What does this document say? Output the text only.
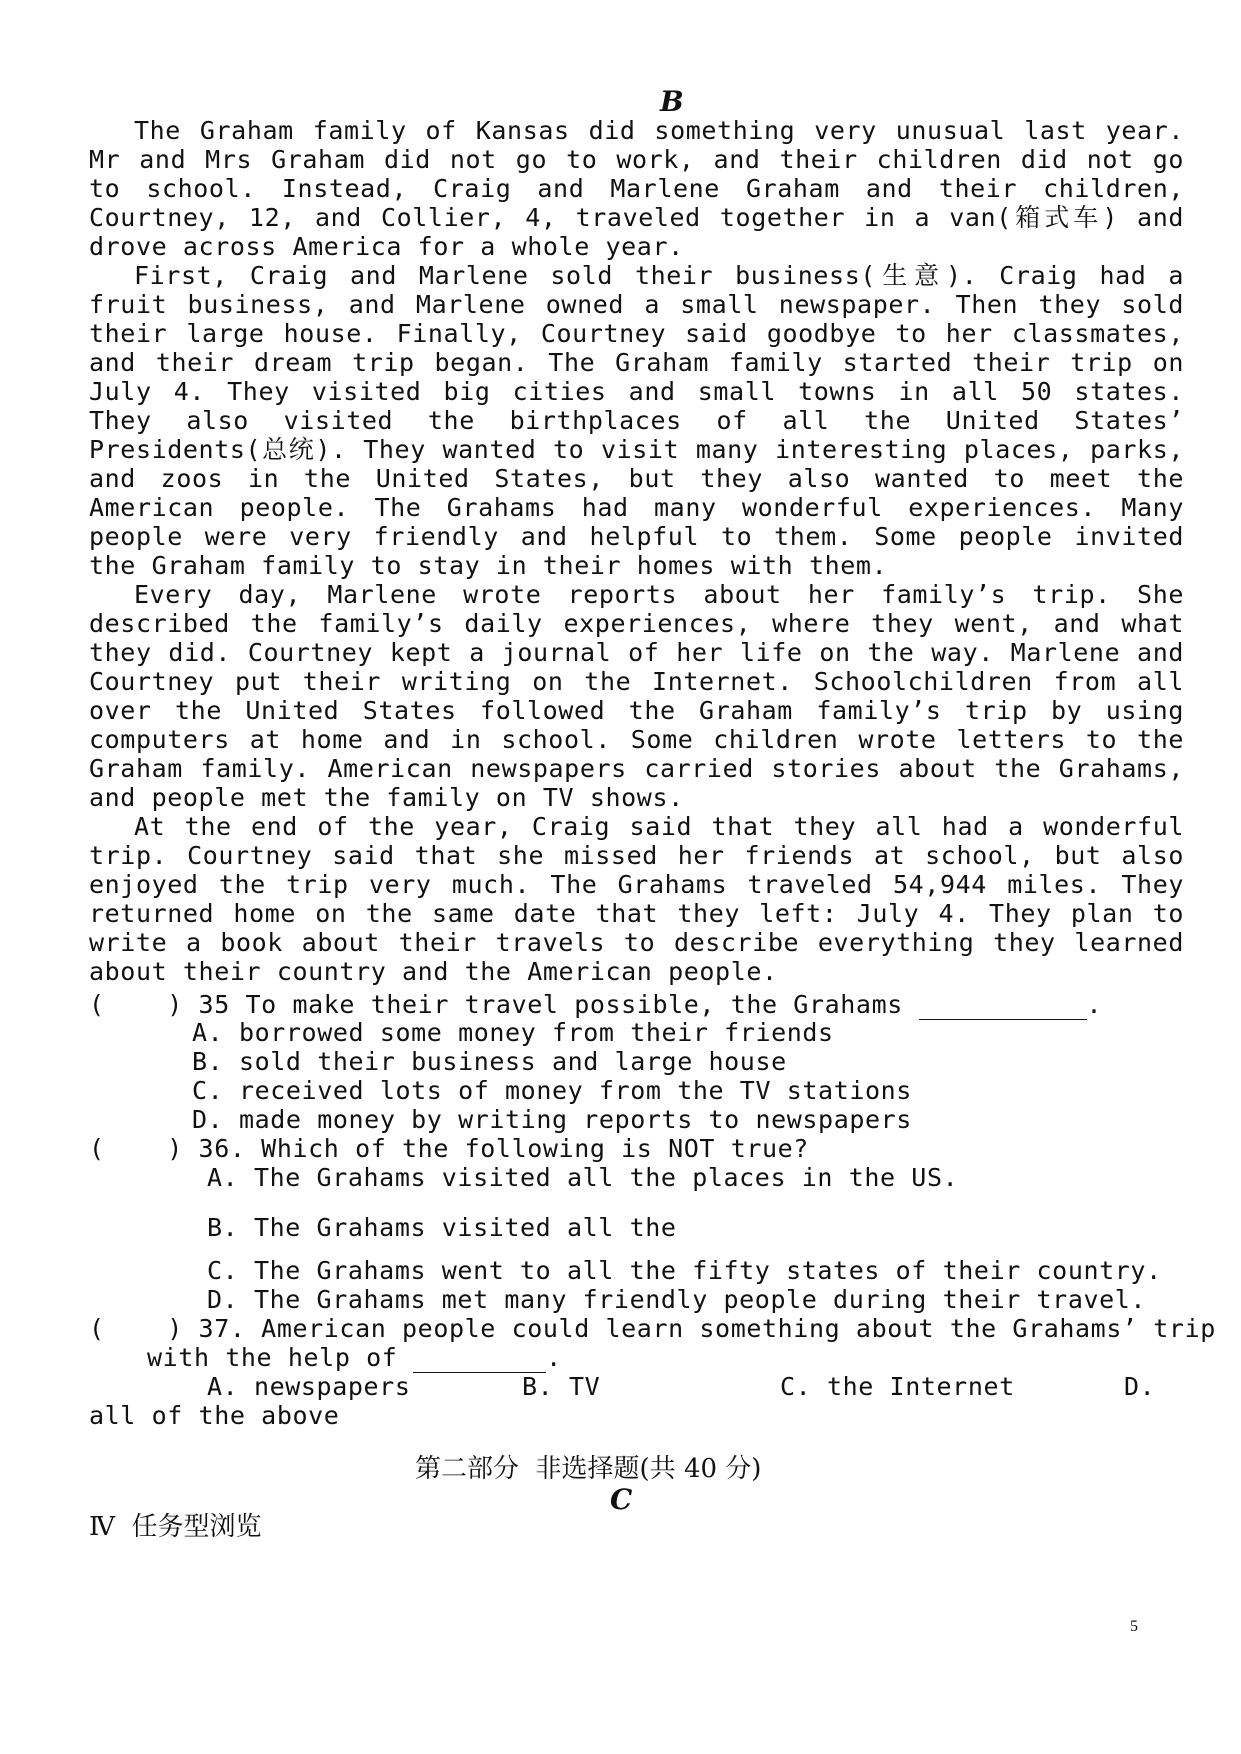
B

The Graham family of Kansas did something very unusual last year. Mr and Mrs Graham did not go to work, and their children did not go to school. Instead, Craig and Marlene Graham and their children, Courtney, 12, and Collier, 4, traveled together in a van(箱式车) and drove across America for a whole year.

First, Craig and Marlene sold their business(生意). Craig had a fruit business, and Marlene owned a small newspaper. Then they sold their large house. Finally, Courtney said goodbye to her classmates, and their dream trip began. The Graham family started their trip on July 4. They visited big cities and small towns in all 50 states. They also visited the birthplaces of all the United States’ Presidents(总统). They wanted to visit many interesting places, parks, and zoos in the United States, but they also wanted to meet the American people. The Grahams had many wonderful experiences. Many people were very friendly and helpful to them. Some people invited the Graham family to stay in their homes with them.

Every day, Marlene wrote reports about her family’s trip. She described the family’s daily experiences, where they went, and what they did. Courtney kept a journal of her life on the way. Marlene and Courtney put their writing on the Internet. Schoolchildren from all over the United States followed the Graham family’s trip by using computers at home and in school. Some children wrote letters to the Graham family. American newspapers carried stories about the Grahams, and people met the family on TV shows.

At the end of the year, Craig said that they all had a wonderful trip. Courtney said that she missed her friends at school, but also enjoyed the trip very much. The Grahams traveled 54,944 miles. They returned home on the same date that they left: July 4. They plan to write a book about their travels to describe everything they learned about their country and the American people.

(    ) 35 To make their travel possible, the Grahams	.
A. borrowed some money from their friends
B. sold their business and large house
C. received lots of money from the TV stations
D. made money by writing reports to newspapers
(    ) 36. Which of the following is NOT true?
A. The Grahams visited all the places in the US.
B. The Grahams visited all the
C. The Grahams went to all the fifty states of their country.
D. The Grahams met many friendly people during their travel.
(    ) 37. American people could learn something about the Grahams’ trip
with the help of	.
A. newspapers	B. TV	C. the Internet	D.
all of the above
第二部分  非选择题(共 40 分)
C
Ⅳ  任务型浏览
5
